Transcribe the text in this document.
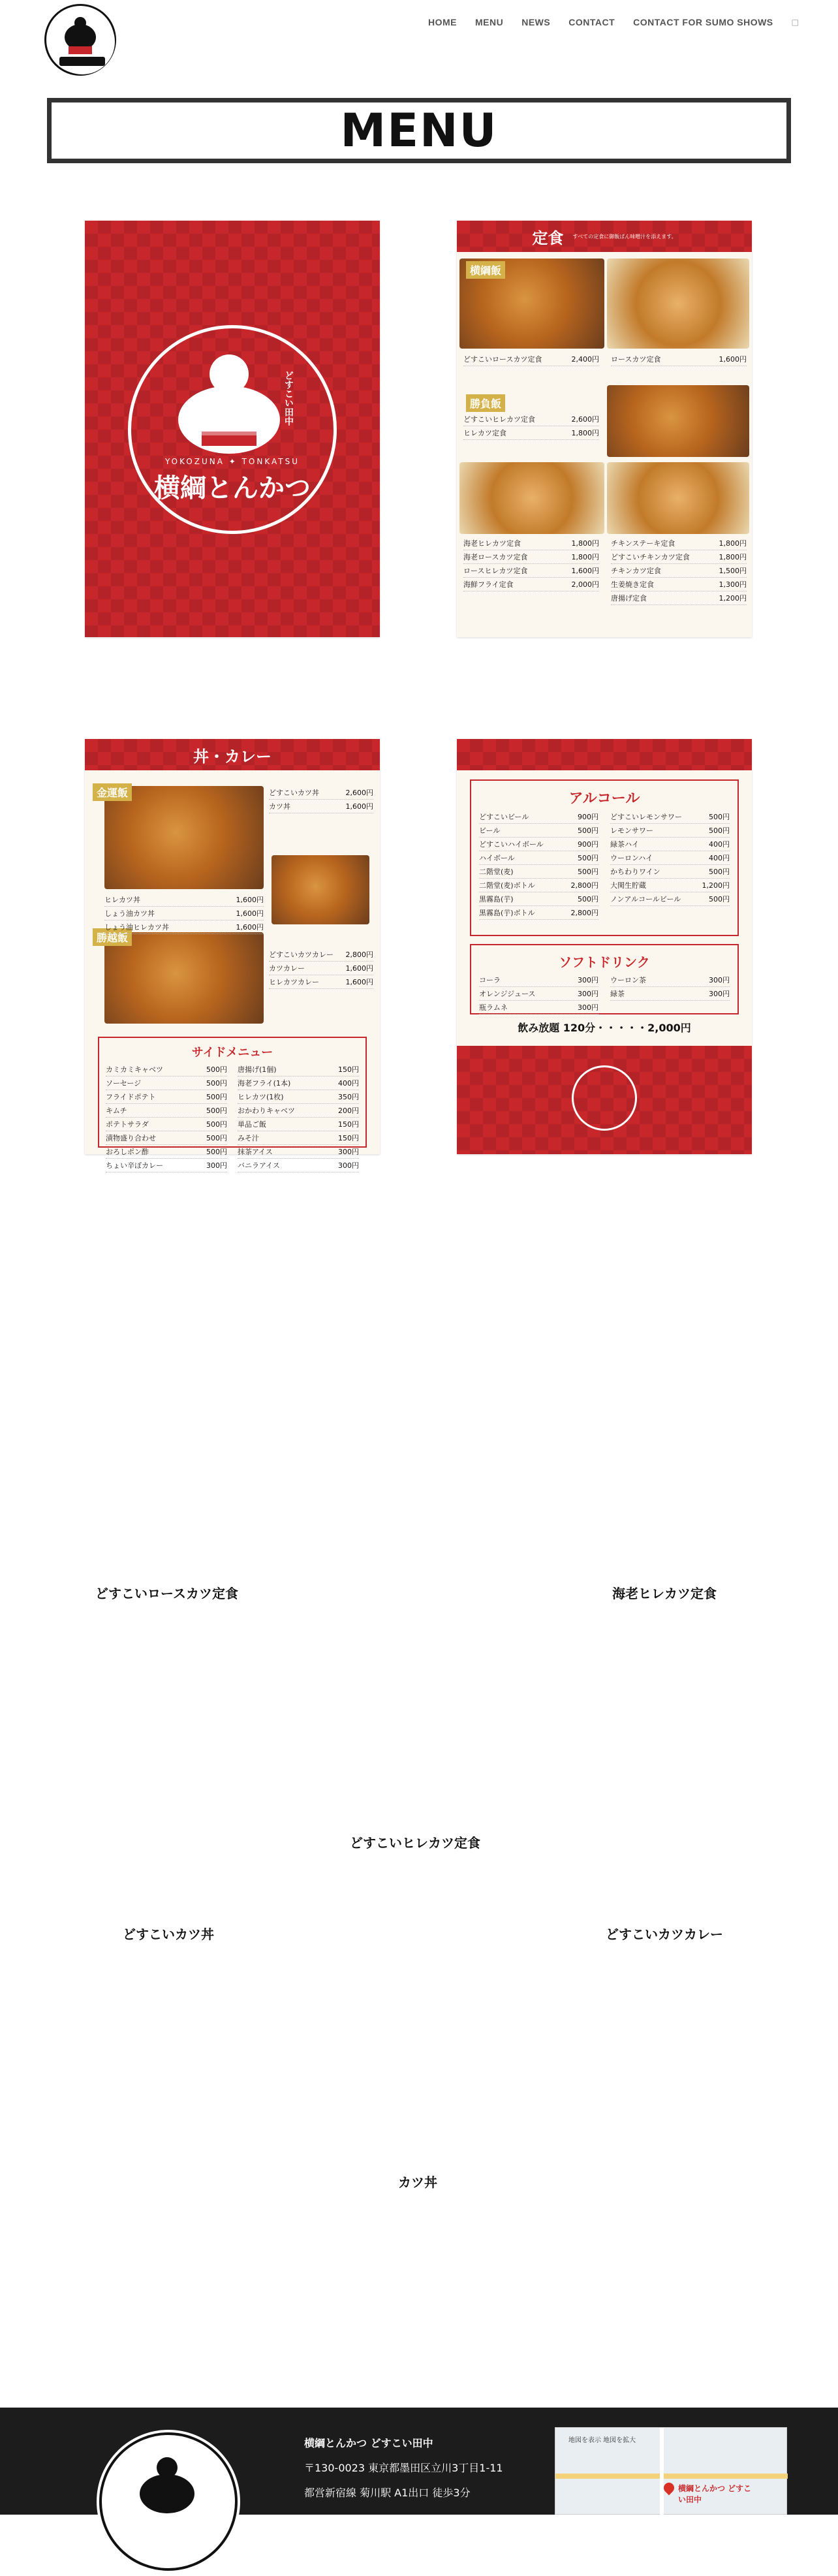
HOME MENU NEWS CONTACT CONTACT FOR SUMO SHOWS □
MENU
YOKOZUNA ✦ TONKATSU
横綱とんかつ
どすこい田中
定食 すべての定食に御飯ぱん味噌汁を添えます。
横綱飯
勝負飯
どすこいロースカツ定食	2,400円 ロースカツ定食	1,600円
どすこいヒレカツ定食	2,600円
ヒレカツ定食	1,800円
海老ヒレカツ定食	1,800円
海老ロースカツ定食	1,800円
ロースヒレカツ定食	1,600円
海鮮フライ定食	2,000円
チキンステーキ定食	1,800円
どすこいチキンカツ定食	1,800円
チキンカツ定食	1,500円
生姜焼き定食	1,300円
唐揚げ定食	1,200円
丼・カレー
金運飯
勝越飯
どすこいカツ丼	2,600円
カツ丼	1,600円
ヒレカツ丼	1,600円
しょう油カツ丼	1,600円
しょう油ヒレカツ丼	1,600円
どすこいカツカレー 2,800円
カツカレー	1,600円
ヒレカツカレー	1,600円
サイドメニュー
カミカミキャベツ	500円 唐揚げ(1個)	150円
ソーセージ	500円 海老フライ(1本)	400円
フライドポテト	500円 ヒレカツ(1枚)	350円
キムチ	500円 おかわりキャベツ	200円
ポテトサラダ	500円 単品ご飯	150円
漬物盛り合わせ	500円 みそ汁	150円
おろしポン酢	500円 抹茶アイス	300円
ちょい辛ぼカレー	300円 バニラアイス	300円
アルコール
どすこいビール	900円 どすこいレモンサワー	500円
ビール	500円 レモンサワー	500円
どすこいハイボール	900円 緑茶ハイ	400円
ハイボール	500円 ウーロンハイ	400円
二階堂(麦)	500円 かちわりワイン	500円
二階堂(麦)ボトル	2,800円 大関生貯蔵	1,200円
黒霧島(芋)	500円 ノンアルコールビール	500円
黒霧島(芋)ボトル	2,800円
ソフトドリンク
コーラ	300円 ウーロン茶	300円
オレンジジュース	300円 緑茶	300円
瓶ラムネ	300円
飲み放題 120分・・・・・2,000円
どすこいロースカツ定食	海老ヒレカツ定食
どすこいヒレカツ定食
どすこいカツ丼	どすこいカツカレー
カツ丼
横綱とんかつ どすこい田中
〒130-0023 東京都墨田区立川3丁目1-11
都営新宿線 菊川駅 A1出口 徒歩3分
地図を表示 地図を拡大
横綱とんかつ どすこい田中
